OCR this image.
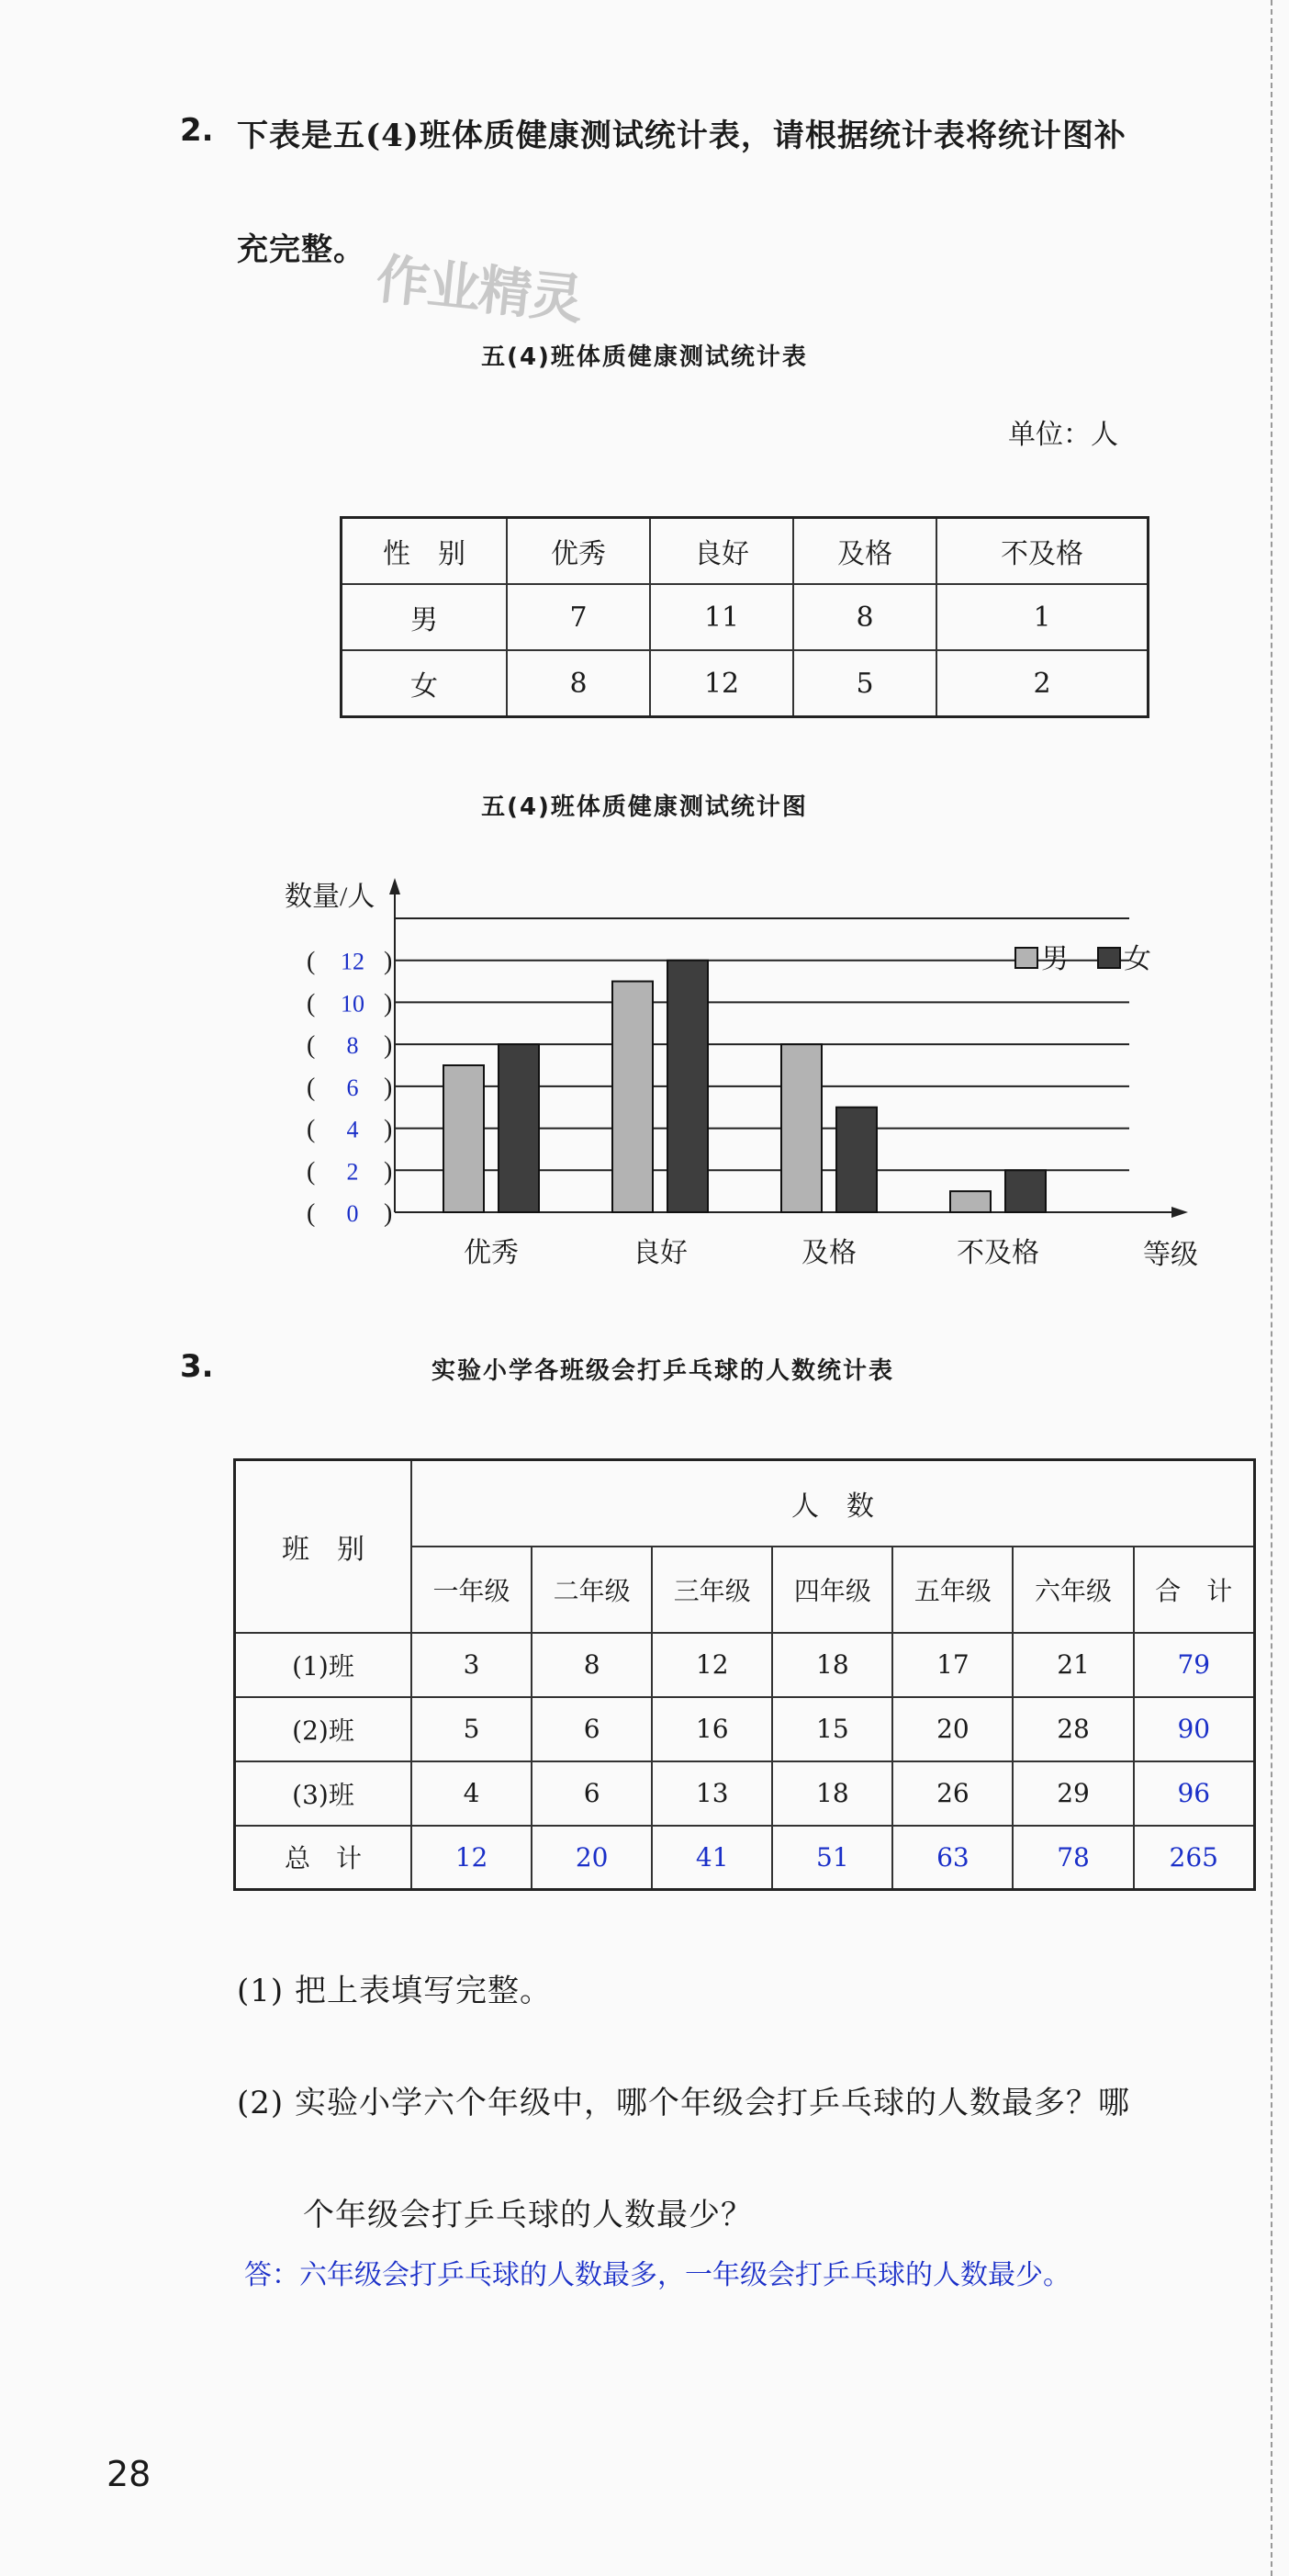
2. 下表是五(4)班体质健康测试统计表，请根据统计表将统计图补
充完整。 作业精灵
五(4)班体质健康测试统计表
单位：人
性　别	优秀	良好	及格	不及格
男	7	11	8	1
女	8	12	5	2
五(4)班体质健康测试统计图
数量/人
等级
( 0 )
( 2 )
( 4 )
( 6 )
( 8 )
( 10 )
( 12 )
优秀	良好	及格	不及格
男 女
3.	实验小学各班级会打乒乓球的人数统计表
班　别	人　数						
	一年级	二年级	三年级	四年级	五年级	六年级	合　计
(1)班	3	8	12	18	17	21	79
(2)班	5	6	16	15	20	28	90
(3)班	4	6	13	18	26	29	96
总　计	12	20	41	51	63	78	265
(1) 把上表填写完整。
(2) 实验小学六个年级中，哪个年级会打乒乓球的人数最多？哪
个年级会打乒乓球的人数最少？
答：六年级会打乒乓球的人数最多，一年级会打乒乓球的人数最少。
28
